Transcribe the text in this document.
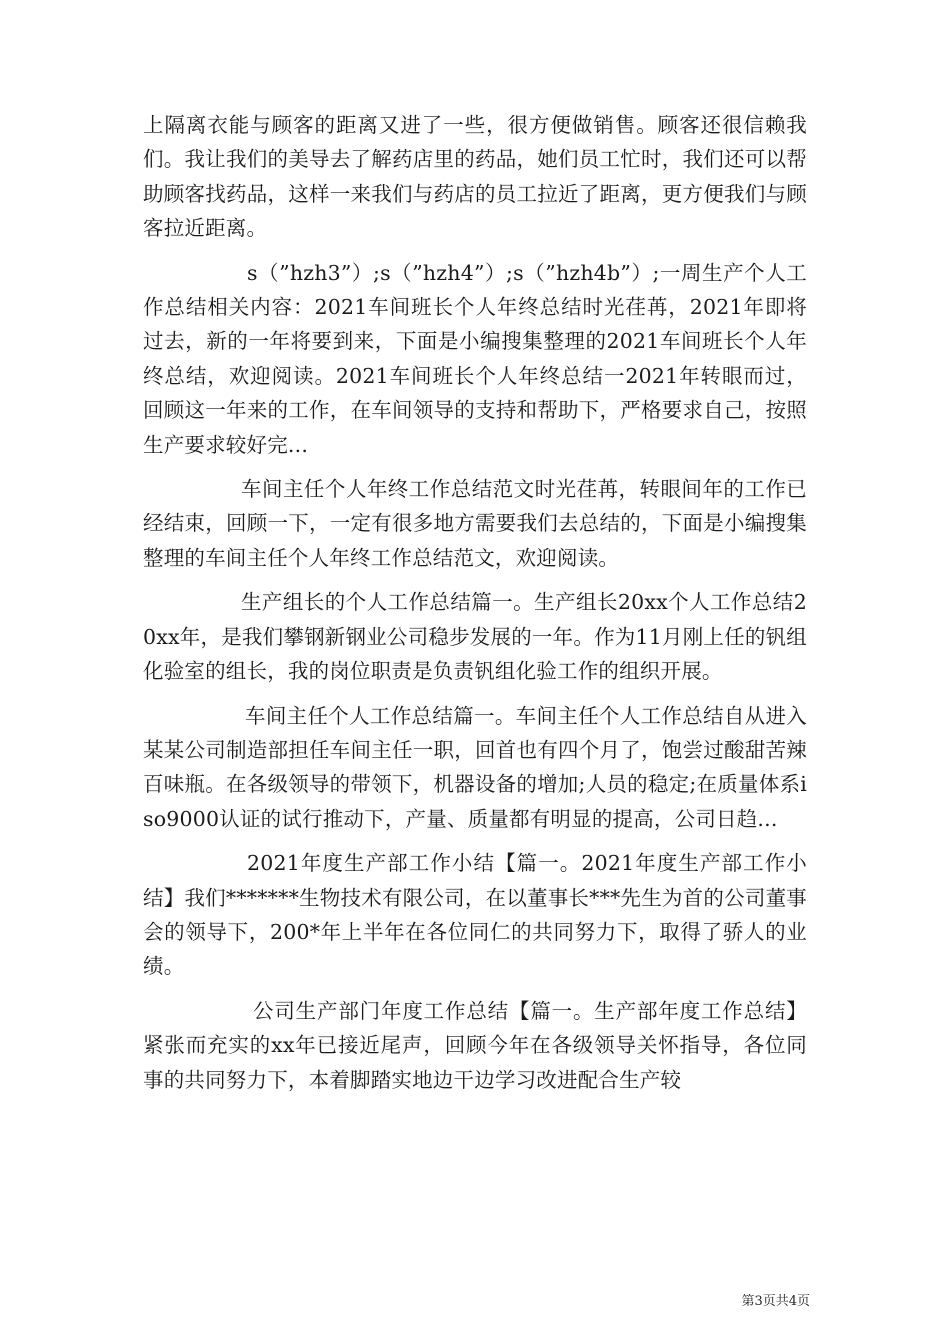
上隔离衣能与顾客的距离又进了一些，很方便做销售。顾客还很信赖我们。我让我们的美导去了解药店里的药品，她们员工忙时，我们还可以帮助顾客找药品，这样一来我们与药店的员工拉近了距离，更方便我们与顾客拉近距离。

s（”hzh3”）;s（”hzh4”）;s（”hzh4b”）;一周生产个人工作总结相关内容：2021车间班长个人年终总结时光荏苒，2021年即将过去，新的一年将要到来，下面是小编搜集整理的2021车间班长个人年终总结，欢迎阅读。2021车间班长个人年终总结一2021年转眼而过，回顾这一年来的工作，在车间领导的支持和帮助下，严格要求自己，按照生产要求较好完...

车间主任个人年终工作总结范文时光荏苒，转眼间年的工作已经结束，回顾一下，一定有很多地方需要我们去总结的，下面是小编搜集整理的车间主任个人年终工作总结范文，欢迎阅读。

生产组长的个人工作总结篇一。生产组长20xx个人工作总结20xx年，是我们攀钢新钢业公司稳步发展的一年。作为11月刚上任的钒组化验室的组长，我的岗位职责是负责钒组化验工作的组织开展。

车间主任个人工作总结篇一。车间主任个人工作总结自从进入某某公司制造部担任车间主任一职，回首也有四个月了，饱尝过酸甜苦辣百味瓶。在各级领导的带领下，机器设备的增加;人员的稳定;在质量体系iso9000认证的试行推动下，产量、质量都有明显的提高，公司日趋...

2021年度生产部工作小结【篇一。2021年度生产部工作小结】我们*******生物技术有限公司，在以董事长***先生为首的公司董事会的领导下，200*年上半年在各位同仁的共同努力下，取得了骄人的业绩。

公司生产部门年度工作总结【篇一。生产部年度工作总结】紧张而充实的xx年已接近尾声，回顾今年在各级领导关怀指导，各位同事的共同努力下，本着脚踏实地边干边学习改进配合生产较

第3页共4页
